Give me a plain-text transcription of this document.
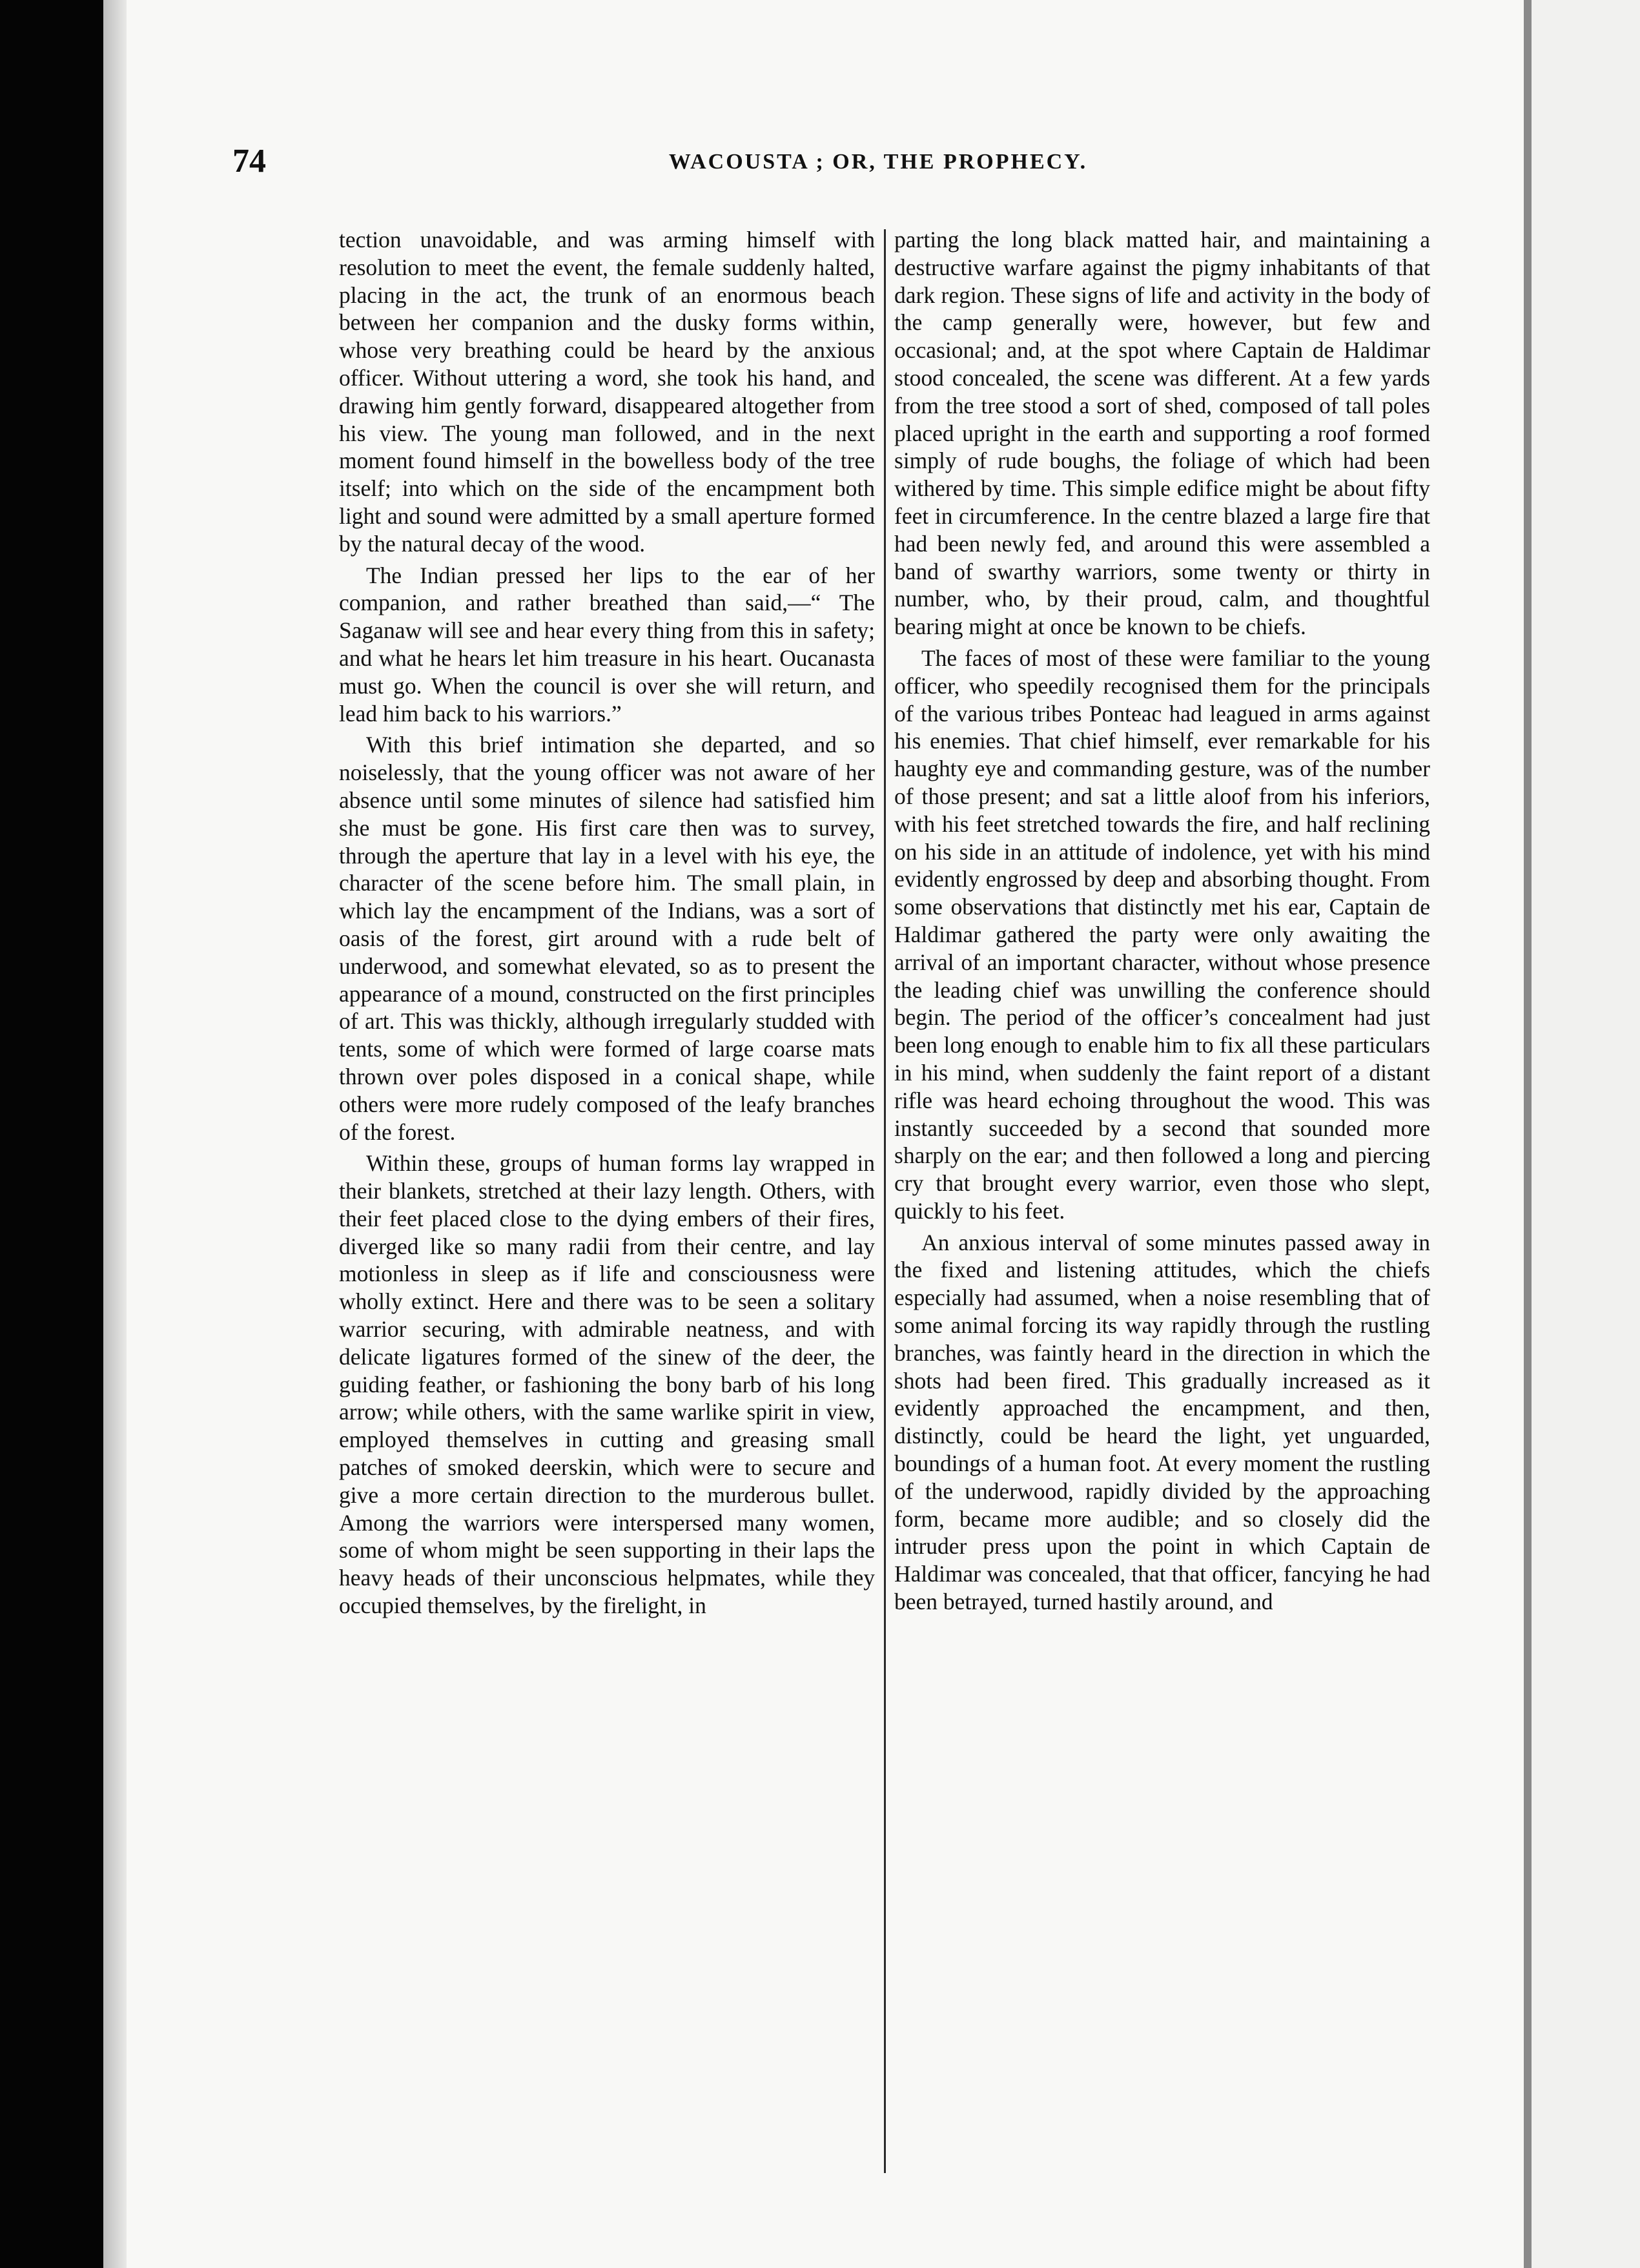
74	WACOUSTA ; OR, THE PROPHECY.

tection unavoidable, and was arming himself with resolution to meet the event, the female suddenly halted, placing in the act, the trunk of an enormous beach between her companion and the dusky forms within, whose very breathing could be heard by the anxious officer. Without uttering a word, she took his hand, and drawing him gently forward, disappeared altogether from his view. The young man followed, and in the next moment found himself in the bowelless body of the tree itself; into which on the side of the encampment both light and sound were admitted by a small aperture formed by the natural decay of the wood.

The Indian pressed her lips to the ear of her companion, and rather breathed than said,—“ The Saganaw will see and hear every thing from this in safety; and what he hears let him treasure in his heart. Oucanasta must go. When the council is over she will return, and lead him back to his warriors.”

With this brief intimation she departed, and so noiselessly, that the young officer was not aware of her absence until some minutes of silence had satisfied him she must be gone. His first care then was to survey, through the aperture that lay in a level with his eye, the character of the scene before him. The small plain, in which lay the encampment of the Indians, was a sort of oasis of the forest, girt around with a rude belt of underwood, and somewhat elevated, so as to present the appearance of a mound, constructed on the first principles of art. This was thickly, although irregularly studded with tents, some of which were formed of large coarse mats thrown over poles disposed in a conical shape, while others were more rudely composed of the leafy branches of the forest.

Within these, groups of human forms lay wrapped in their blankets, stretched at their lazy length. Others, with their feet placed close to the dying embers of their fires, diverged like so many radii from their centre, and lay motionless in sleep as if life and consciousness were wholly extinct. Here and there was to be seen a solitary warrior securing, with admirable neatness, and with delicate ligatures formed of the sinew of the deer, the guiding feather, or fashioning the bony barb of his long arrow; while others, with the same warlike spirit in view, employed themselves in cutting and greasing small patches of smoked deerskin, which were to secure and give a more certain direction to the murderous bullet. Among the warriors were interspersed many women, some of whom might be seen supporting in their laps the heavy heads of their unconscious helpmates, while they occupied themselves, by the firelight, in

parting the long black matted hair, and maintaining a destructive warfare against the pigmy inhabitants of that dark region. These signs of life and activity in the body of the camp generally were, however, but few and occasional; and, at the spot where Captain de Haldimar stood concealed, the scene was different. At a few yards from the tree stood a sort of shed, composed of tall poles placed upright in the earth and supporting a roof formed simply of rude boughs, the foliage of which had been withered by time. This simple edifice might be about fifty feet in circumference. In the centre blazed a large fire that had been newly fed, and around this were assembled a band of swarthy warriors, some twenty or thirty in number, who, by their proud, calm, and thoughtful bearing might at once be known to be chiefs.

The faces of most of these were familiar to the young officer, who speedily recognised them for the principals of the various tribes Ponteac had leagued in arms against his enemies. That chief himself, ever remarkable for his haughty eye and commanding gesture, was of the number of those present; and sat a little aloof from his inferiors, with his feet stretched towards the fire, and half reclining on his side in an attitude of indolence, yet with his mind evidently engrossed by deep and absorbing thought. From some observations that distinctly met his ear, Captain de Haldimar gathered the party were only awaiting the arrival of an important character, without whose presence the leading chief was unwilling the conference should begin. The period of the officer’s concealment had just been long enough to enable him to fix all these particulars in his mind, when suddenly the faint report of a distant rifle was heard echoing throughout the wood. This was instantly succeeded by a second that sounded more sharply on the ear; and then followed a long and piercing cry that brought every warrior, even those who slept, quickly to his feet.

An anxious interval of some minutes passed away in the fixed and listening attitudes, which the chiefs especially had assumed, when a noise resembling that of some animal forcing its way rapidly through the rustling branches, was faintly heard in the direction in which the shots had been fired. This gradually increased as it evidently approached the encampment, and then, distinctly, could be heard the light, yet unguarded, boundings of a human foot. At every moment the rustling of the underwood, rapidly divided by the approaching form, became more audible; and so closely did the intruder press upon the point in which Captain de Haldimar was concealed, that that officer, fancying he had been betrayed, turned hastily around, and
